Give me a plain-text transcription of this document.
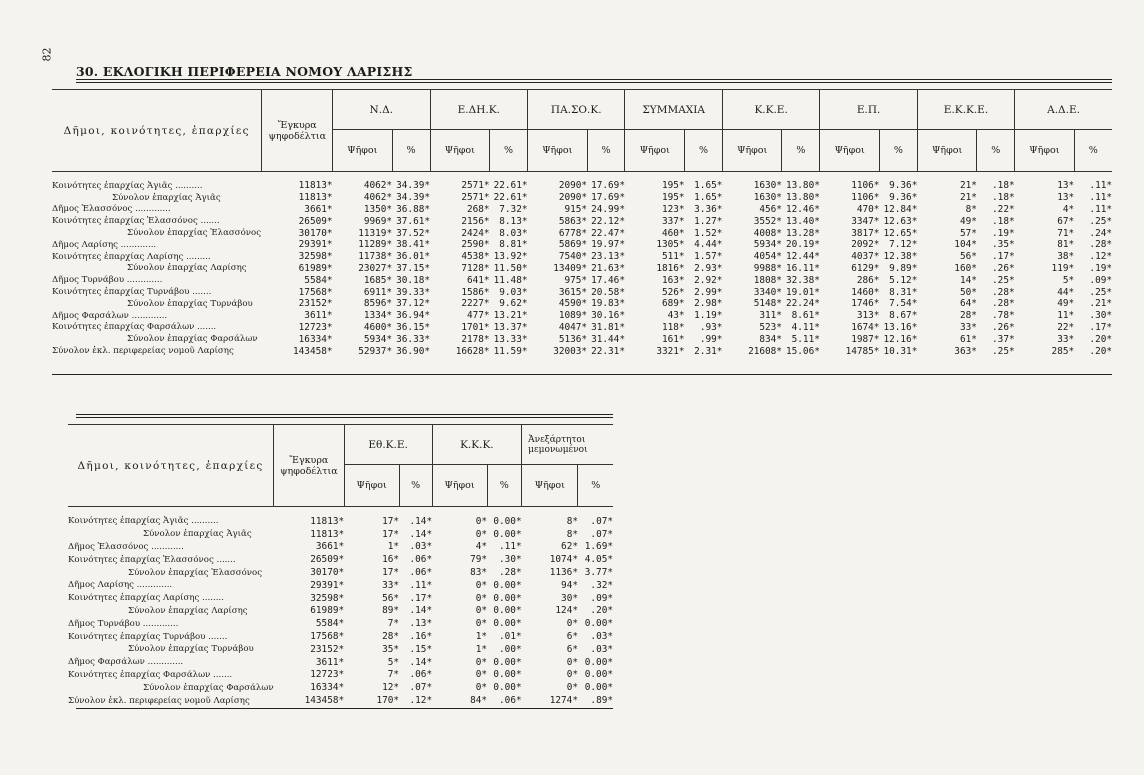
82
30. ΕΚΛΟΓΙΚΗ ΠΕΡΙΦΕΡΕΙΑ ΝΟΜΟΥ ΛΑΡΙΣΗΣ
Δῆμοι, κοινότητες, ἐπαρχίες	Ἔγκυρα ψηφοδέλτια	Ν.Δ.		Ε.ΔΗ.Κ.		ΠΑ.ΣΟ.Κ.		ΣΥΜΜΑΧΙΑ		Κ.Κ.Ε.		Ε.Π.		Ε.Κ.Κ.Ε.		Α.Δ.Ε.	
		Ψῆφοι	%	Ψῆφοι	%	Ψῆφοι	%	Ψῆφοι	%	Ψῆφοι	%	Ψῆφοι	%	Ψῆφοι	%	Ψῆφοι	%

Κοινότητες ἐπαρχίας Ἀγιᾶς ..........	11813*	4062*	34.39*	2571*	22.61*	2090*	17.69*	195*	1.65*	1630*	13.80*	1106*	9.36*	21*	.18*	13*	.11*
Σύνολον ἐπαρχίας Ἀγιᾶς	11813*	4062*	34.39*	2571*	22.61*	2090*	17.69*	195*	1.65*	1630*	13.80*	1106*	9.36*	21*	.18*	13*	.11*
Δῆμος Ἐλασσόνος .............	3661*	1350*	36.88*	268*	7.32*	915*	24.99*	123*	3.36*	456*	12.46*	470*	12.84*	8*	.22*	4*	.11*
Κοινότητες ἐπαρχίας Ἐλασσόνος .......	26509*	9969*	37.61*	2156*	8.13*	5863*	22.12*	337*	1.27*	3552*	13.40*	3347*	12.63*	49*	.18*	67*	.25*
Σύνολον ἐπαρχίας Ἐλασσόνος	30170*	11319*	37.52*	2424*	8.03*	6778*	22.47*	460*	1.52*	4008*	13.28*	3817*	12.65*	57*	.19*	71*	.24*
Δῆμος Λαρίσης .............	29391*	11289*	38.41*	2590*	8.81*	5869*	19.97*	1305*	4.44*	5934*	20.19*	2092*	7.12*	104*	.35*	81*	.28*
Κοινότητες ἐπαρχίας Λαρίσης .........	32598*	11738*	36.01*	4538*	13.92*	7540*	23.13*	511*	1.57*	4054*	12.44*	4037*	12.38*	56*	.17*	38*	.12*
Σύνολον ἐπαρχίας Λαρίσης	61989*	23027*	37.15*	7128*	11.50*	13409*	21.63*	1816*	2.93*	9988*	16.11*	6129*	9.89*	160*	.26*	119*	.19*
Δῆμος Τυρνάβου .............	5584*	1685*	30.18*	641*	11.48*	975*	17.46*	163*	2.92*	1808*	32.38*	286*	5.12*	14*	.25*	5*	.09*
Κοινότητες ἐπαρχίας Τυρνάβου .......	17568*	6911*	39.33*	1586*	9.03*	3615*	20.58*	526*	2.99*	3340*	19.01*	1460*	8.31*	50*	.28*	44*	.25*
Σύνολον ἐπαρχίας Τυρνάβου	23152*	8596*	37.12*	2227*	9.62*	4590*	19.83*	689*	2.98*	5148*	22.24*	1746*	7.54*	64*	.28*	49*	.21*
Δῆμος Φαρσάλων .............	3611*	1334*	36.94*	477*	13.21*	1089*	30.16*	43*	1.19*	311*	8.61*	313*	8.67*	28*	.78*	11*	.30*
Κοινότητες ἐπαρχίας Φαρσάλων .......	12723*	4600*	36.15*	1701*	13.37*	4047*	31.81*	118*	.93*	523*	4.11*	1674*	13.16*	33*	.26*	22*	.17*
Σύνολον ἐπαρχίας Φαρσάλων	16334*	5934*	36.33*	2178*	13.33*	5136*	31.44*	161*	.99*	834*	5.11*	1987*	12.16*	61*	.37*	33*	.20*
Σύνολον ἐκλ. περιφερείας νομοῦ Λαρίσης	143458*	52937*	36.90*	16628*	11.59*	32003*	22.31*	3321*	2.31*	21608*	15.06*	14785*	10.31*	363*	.25*	285*	.20*
Δῆμοι, κοινότητες, ἐπαρχίες	Ἔγκυρα ψηφοδέλτια	Εθ.Κ.Ε.		Κ.Κ.Κ.		Ἀνεξάρτητοι μεμονωμένοι	
		Ψῆφοι	%	Ψῆφοι	%	Ψῆφοι	%

Κοινότητες ἐπαρχίας Ἀγιᾶς ..........	11813*	17*	.14*	0*	0.00*	8*	.07*
Σύνολον ἐπαρχίας Ἀγιᾶς	11813*	17*	.14*	0*	0.00*	8*	.07*
Δῆμος Ἐλασσόνος ............	3661*	1*	.03*	4*	.11*	62*	1.69*
Κοινότητες ἐπαρχίας Ἐλασσόνος .......	26509*	16*	.06*	79*	.30*	1074*	4.05*
Σύνολον ἐπαρχίας Ἐλασσόνος	30170*	17*	.06*	83*	.28*	1136*	3.77*
Δῆμος Λαρίσης .............	29391*	33*	.11*	0*	0.00*	94*	.32*
Κοινότητες ἐπαρχίας Λαρίσης ........	32598*	56*	.17*	0*	0.00*	30*	.09*
Σύνολον ἐπαρχίας Λαρίσης	61989*	89*	.14*	0*	0.00*	124*	.20*
Δῆμος Τυρνάβου .............	5584*	7*	.13*	0*	0.00*	0*	0.00*
Κοινότητες ἐπαρχίας Τυρνάβου .......	17568*	28*	.16*	1*	.01*	6*	.03*
Σύνολον ἐπαρχίας Τυρνάβου	23152*	35*	.15*	1*	.00*	6*	.03*
Δῆμος Φαρσάλων .............	3611*	5*	.14*	0*	0.00*	0*	0.00*
Κοινότητες ἐπαρχίας Φαρσάλων .......	12723*	7*	.06*	0*	0.00*	0*	0.00*
Σύνολον ἐπαρχίας Φαρσάλων	16334*	12*	.07*	0*	0.00*	0*	0.00*
Σύνολον ἐκλ. περιφερείας νομοῦ Λαρίσης	143458*	170*	.12*	84*	.06*	1274*	.89*
